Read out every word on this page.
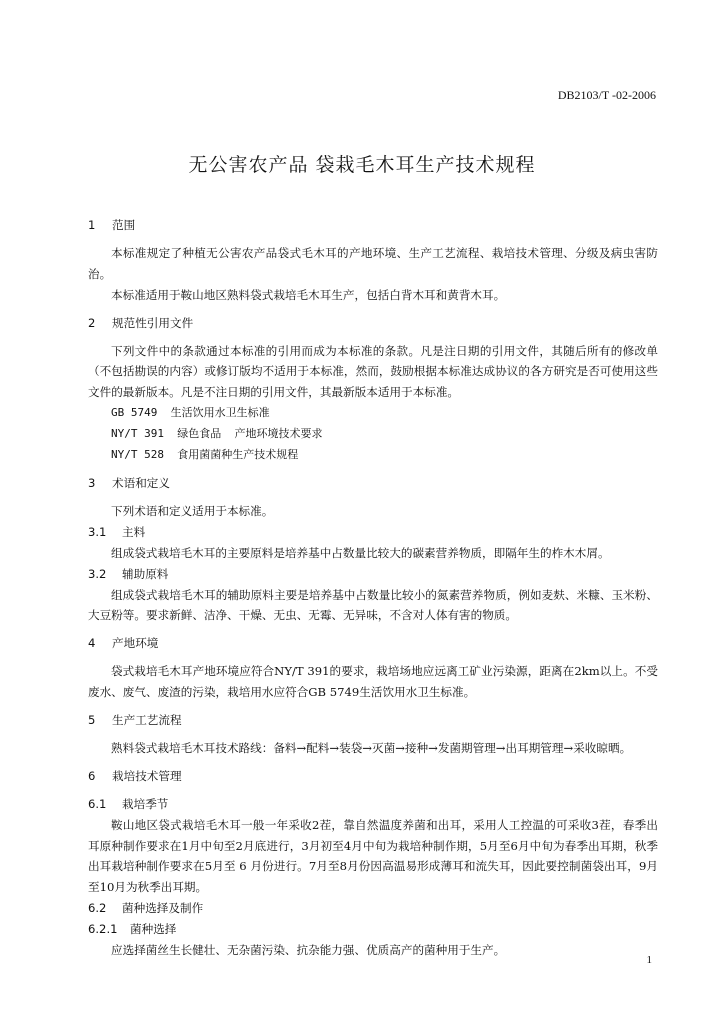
DB2103/T -02-2006
无公害农产品 袋栽毛木耳生产技术规程
1 范围

本标准规定了种植无公害农产品袋式毛木耳的产地环境、生产工艺流程、栽培技术管理、分级及病虫害防治。

本标准适用于鞍山地区熟料袋式栽培毛木耳生产，包括白背木耳和黄背木耳。

2 规范性引用文件

下列文件中的条款通过本标准的引用而成为本标准的条款。凡是注日期的引用文件，其随后所有的修改单（不包括勘误的内容）或修订版均不适用于本标准，然而，鼓励根据本标准达成协议的各方研究是否可使用这些文件的最新版本。凡是不注日期的引用文件，其最新版本适用于本标准。

GB 5749  生活饮用水卫生标准
NY/T 391  绿色食品  产地环境技术要求
NY/T 528  食用菌菌种生产技术规程
3 术语和定义

下列术语和定义适用于本标准。

3.1 主料

组成袋式栽培毛木耳的主要原料是培养基中占数量比较大的碳素营养物质，即隔年生的柞木木屑。

3.2 辅助原料

组成袋式栽培毛木耳的辅助原料主要是培养基中占数量比较小的氮素营养物质，例如麦麸、米糠、玉米粉、大豆粉等。要求新鲜、洁净、干燥、无虫、无霉、无异味，不含对人体有害的物质。

4 产地环境

袋式栽培毛木耳产地环境应符合NY/T 391的要求，栽培场地应远离工矿业污染源，距离在2km以上。不受废水、废气、废渣的污染，栽培用水应符合GB 5749生活饮用水卫生标准。

5 生产工艺流程

熟料袋式栽培毛木耳技术路线：备料→配料→装袋→灭菌→接种→发菌期管理→出耳期管理→采收晾晒。

6 栽培技术管理
6.1 栽培季节

鞍山地区袋式栽培毛木耳一般一年采收2茬，靠自然温度养菌和出耳，采用人工控温的可采收3茬，春季出耳原种制作要求在1月中旬至2月底进行，3月初至4月中旬为栽培种制作期，5月至6月中旬为春季出耳期，秋季出耳栽培种制作要求在5月至 6 月份进行。7月至8月份因高温易形成薄耳和流失耳，因此要控制菌袋出耳，9月至10月为秋季出耳期。

6.2 菌种选择及制作
6.2.1 菌种选择

应选择菌丝生长健壮、无杂菌污染、抗杂能力强、优质高产的菌种用于生产。

1
